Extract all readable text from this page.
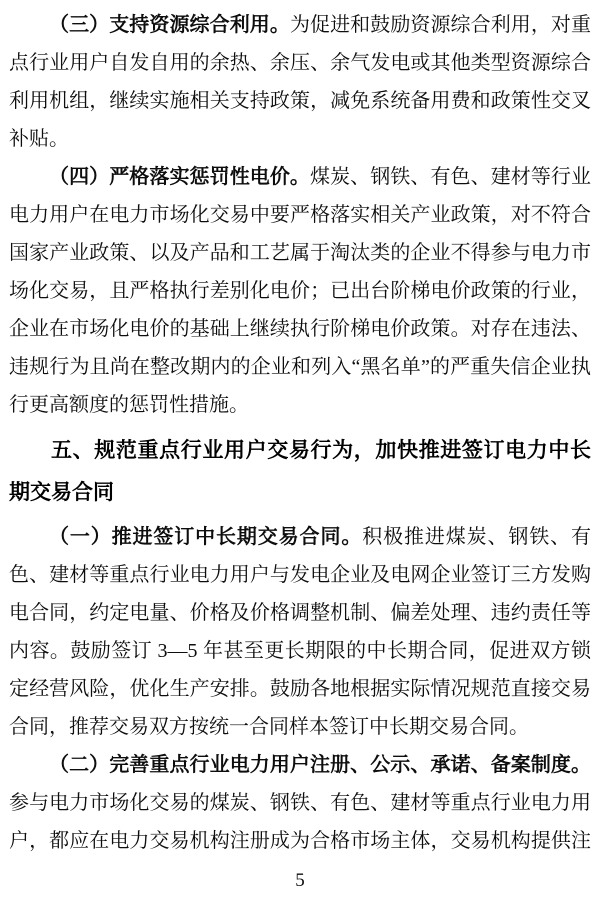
（三）支持资源综合利用。为促进和鼓励资源综合利用，对重点行业用户自发自用的余热、余压、余气发电或其他类型资源综合利用机组，继续实施相关支持政策，减免系统备用费和政策性交叉补贴。

（四）严格落实惩罚性电价。煤炭、钢铁、有色、建材等行业电力用户在电力市场化交易中要严格落实相关产业政策，对不符合国家产业政策、以及产品和工艺属于淘汰类的企业不得参与电力市场化交易，且严格执行差别化电价；已出台阶梯电价政策的行业，企业在市场化电价的基础上继续执行阶梯电价政策。对存在违法、违规行为且尚在整改期内的企业和列入“黑名单”的严重失信企业执行更高额度的惩罚性措施。

五、规范重点行业用户交易行为，加快推进签订电力中长期交易合同

（一）推进签订中长期交易合同。积极推进煤炭、钢铁、有色、建材等重点行业电力用户与发电企业及电网企业签订三方发购电合同，约定电量、价格及价格调整机制、偏差处理、违约责任等内容。鼓励签订 3—5 年甚至更长期限的中长期合同，促进双方锁定经营风险，优化生产安排。鼓励各地根据实际情况规范直接交易合同，推荐交易双方按统一合同样本签订中长期交易合同。

（二）完善重点行业电力用户注册、公示、承诺、备案制度。参与电力市场化交易的煤炭、钢铁、有色、建材等重点行业电力用户，都应在电力交易机构注册成为合格市场主体，交易机构提供注

5
